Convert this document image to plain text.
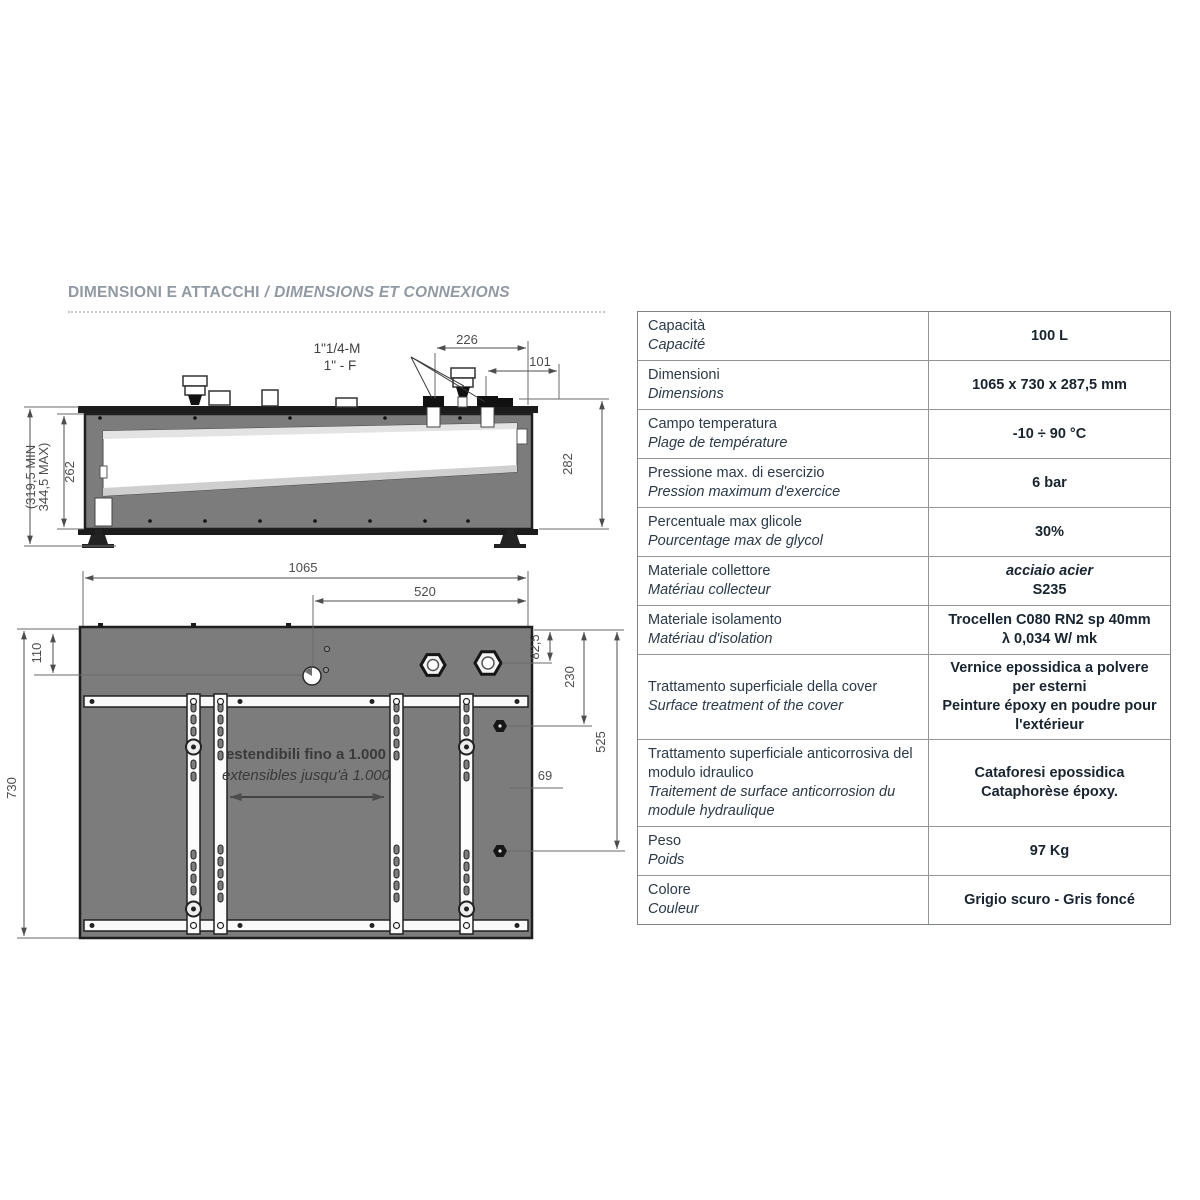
DIMENSIONI E ATTACCHI / DIMENSIONS ET CONNEXIONS
1"1/4-M
1" - F
226
101
282
262
(319,5 MIN
344,5 MAX)
estendibili fino a 1.000
extensibles jusqu'à 1.000
1065
520
110
730
82,5
230
525
69
Capacità
Capacité
100 L
Dimensioni
Dimensions
1065 x 730 x 287,5 mm
Campo temperatura
Plage de température
-10 ÷ 90 °C
Pressione max. di esercizio
Pression maximum d'exercice
6 bar
Percentuale max glicole
Pourcentage max de glycol
30%
Materiale collettore
Matériau collecteur
acciaio acier
S235
Materiale isolamento
Matériau d'isolation
Trocellen C080 RN2 sp 40mm
λ 0,034 W/ mk
Trattamento superficiale della cover
Surface treatment of the cover
Vernice epossidica a polvere per esterni
Peinture époxy en poudre pour l'extérieur
Trattamento superficiale anticorrosiva del modulo idraulico
Traitement de surface anticorrosion du module hydraulique
Cataforesi epossidica
Cataphorèse époxy.
Peso
Poids
97 Kg
Colore
Couleur
Grigio scuro - Gris foncé
